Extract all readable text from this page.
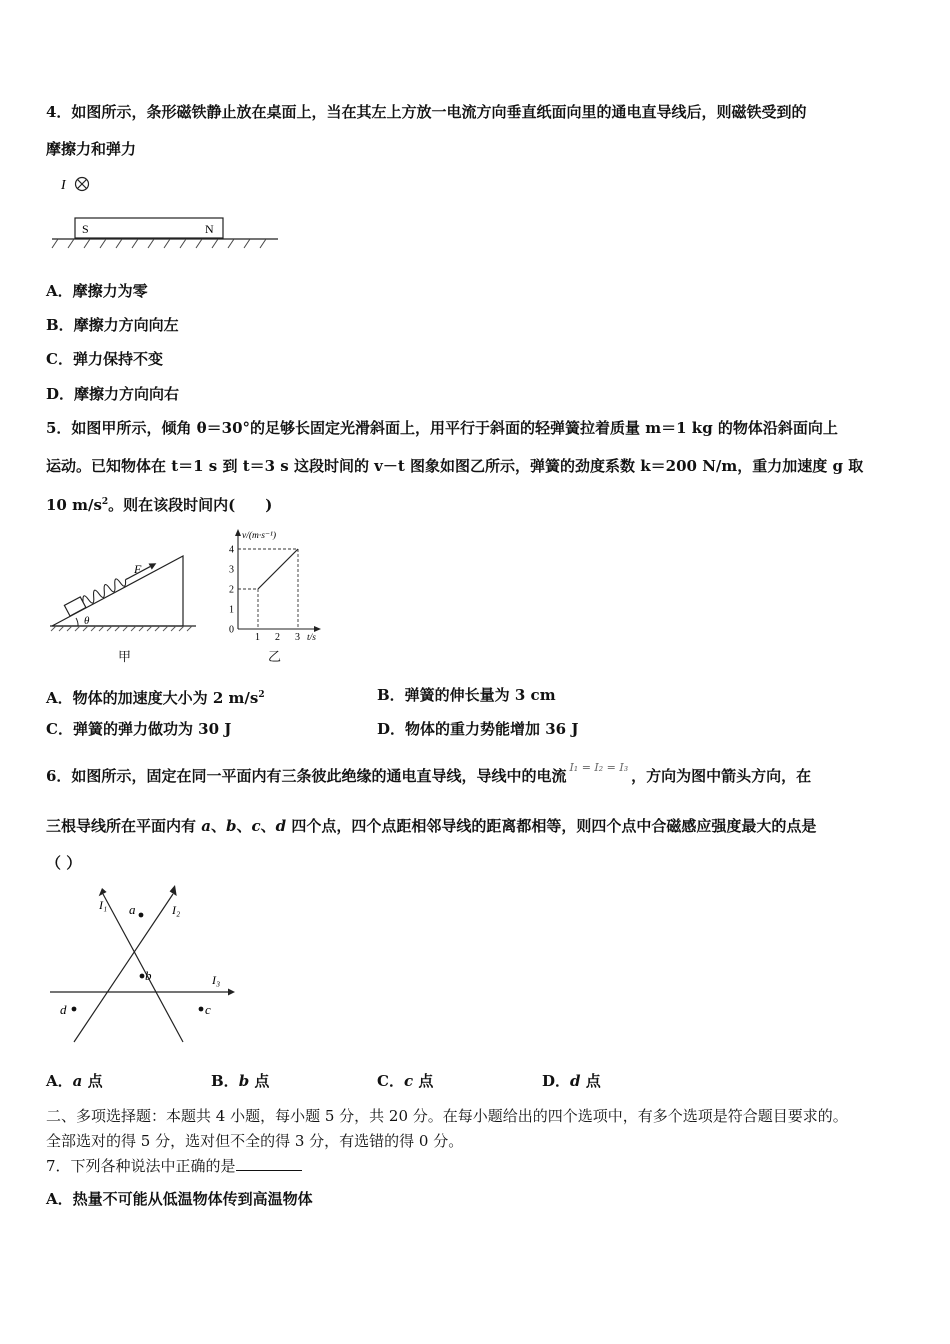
4．如图所示，条形磁铁静止放在桌面上，当在其左上方放一电流方向垂直纸面向里的通电直导线后，则磁铁受到的
摩擦力和弹力
I
S	N
A．摩擦力为零
B．摩擦力方向向左
C．弹力保持不变
D．摩擦力方向向右
5．如图甲所示，倾角 θ＝30°的足够长固定光滑斜面上，用平行于斜面的轻弹簧拉着质量 m＝1 kg 的物体沿斜面向上
运动。已知物体在 t＝1 s 到 t＝3 s 这段时间的 v－t 图象如图乙所示，弹簧的劲度系数 k＝200 N/m，重力加速度 g 取
10 $m/s^2$。则在该段时间内(　　)
F
θ
甲
v/(m·s⁻¹)
t/s
0
1
2
3
4
1 2 3
乙
A．物体的加速度大小为 2 $m/s^2$	B．弹簧的伸长量为 3 cm
C．弹簧的弹力做功为 30 J	D．物体的重力势能增加 36 J
6．如图所示，固定在同一平面内有三条彼此绝缘的通电直导线，导线中的电流 I₁ = I₂ = I₃ ，方向为图中箭头方向，在
三根导线所在平面内有 a、b、c、d 四个点，四个点距相邻导线的距离都相等，则四个点中合磁感应强度最大的点是
（ ）
I₁	I₂
I₃
a
b
c
d
A．a 点	B．b 点	C．c 点	D．d 点
二、多项选择题：本题共 4 小题，每小题 5 分，共 20 分。在每小题给出的四个选项中，有多个选项是符合题目要求的。
全部选对的得 5 分，选对但不全的得 3 分，有选错的得 0 分。
7．下列各种说法中正确的是
A．热量不可能从低温物体传到高温物体
